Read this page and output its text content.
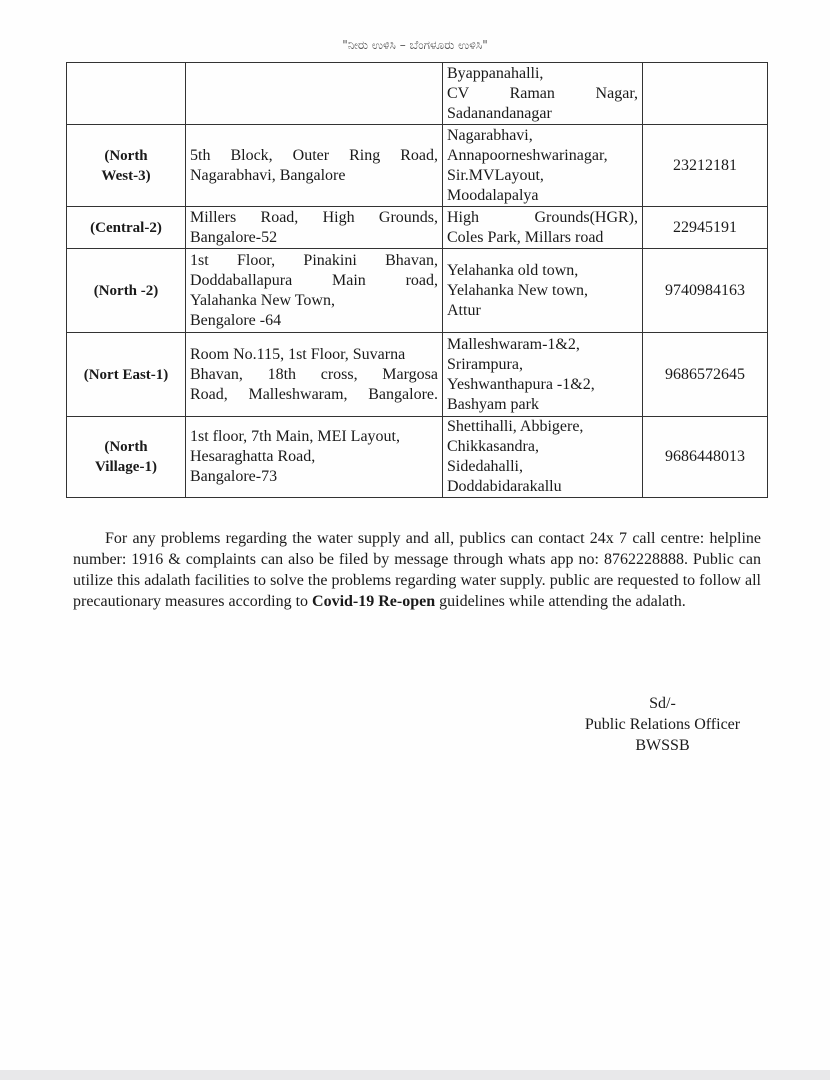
"ನೀರು ಉಳಿಸಿ – ಬೆಂಗಳೂರು ಉಳಿಸಿ"

		Byappanahalli,
CV Raman Nagar,
Sadanandanagar	

(North
West-3)	5th Block, Outer Ring Road,
Nagarabhavi, Bangalore	Nagarabhavi,
Annapoorneshwarinagar,
Sir.MVLayout,
Moodalapalya	23212181

(Central-2)	Millers Road, High Grounds,
Bangalore-52	High Grounds(HGR),
Coles Park, Millars road	22945191

(North -2)	1st Floor, Pinakini Bhavan,
Doddaballapura Main road,
Yalahanka New Town,
Bengalore -64	Yelahanka old town,
Yelahanka New town,
Attur	9740984163

(Nort East-1)	Room No.115, 1st Floor, Suvarna
Bhavan, 18th cross, Margosa
Road, Malleshwaram, Bangalore.	Malleshwaram-1&2,
Srirampura,
Yeshwanthapura -1&2,
Bashyam park	9686572645

(North
Village-1)	1st floor, 7th Main, MEI Layout,
Hesaraghatta Road,
Bangalore-73	Shettihalli, Abbigere,
Chikkasandra,
Sidedahalli,
Doddabidarakallu	9686448013

For any problems regarding the water supply and all, publics can contact 24x 7 call centre: helpline number: 1916 & complaints can also be filed by message through whats app no: 8762228888. Public can utilize this adalath facilities to solve the problems regarding water supply. public are requested to follow all precautionary measures according to Covid-19 Re-open guidelines while attending the adalath.

Sd/-
Public Relations Officer
BWSSB
